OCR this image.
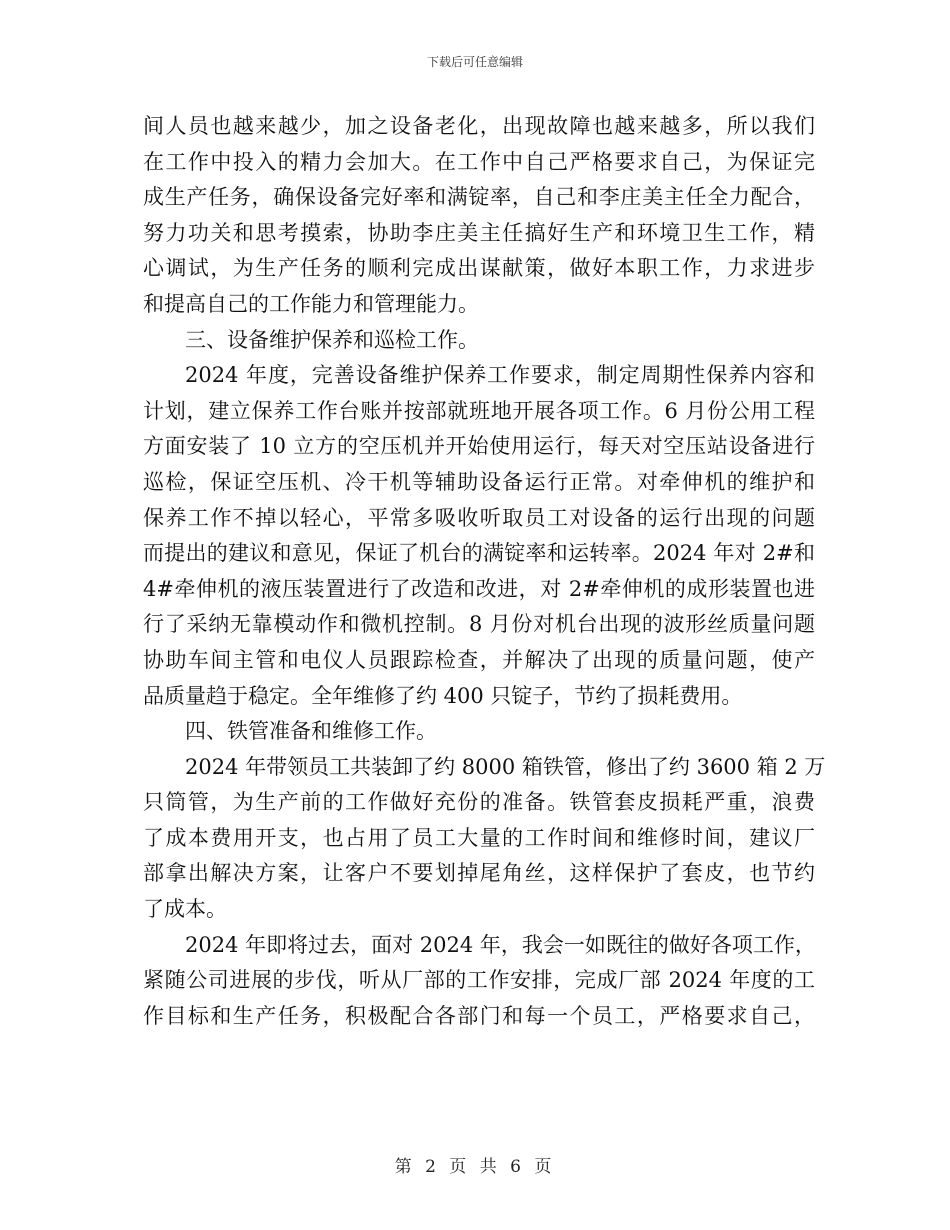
下载后可任意编辑
间人员也越来越少，加之设备老化，出现故障也越来越多，所以我们
在工作中投入的精力会加大。在工作中自己严格要求自己，为保证完
成生产任务，确保设备完好率和满锭率，自己和李庄美主任全力配合，
努力功关和思考摸索，协助李庄美主任搞好生产和环境卫生工作，精
心调试，为生产任务的顺利完成出谋献策，做好本职工作，力求进步
和提高自己的工作能力和管理能力。
三、设备维护保养和巡检工作。
2024 年度，完善设备维护保养工作要求，制定周期性保养内容和
计划，建立保养工作台账并按部就班地开展各项工作。6 月份公用工程
方面安装了 10 立方的空压机并开始使用运行，每天对空压站设备进行
巡检，保证空压机、冷干机等辅助设备运行正常。对牵伸机的维护和
保养工作不掉以轻心，平常多吸收听取员工对设备的运行出现的问题
而提出的建议和意见，保证了机台的满锭率和运转率。2024 年对 2#和
4#牵伸机的液压装置进行了改造和改进，对 2#牵伸机的成形装置也进
行了采纳无靠模动作和微机控制。8 月份对机台出现的波形丝质量问题
协助车间主管和电仪人员跟踪检查，并解决了出现的质量问题，使产
品质量趋于稳定。全年维修了约 400 只锭子，节约了损耗费用。
四、铁管准备和维修工作。
2024 年带领员工共装卸了约 8000 箱铁管，修出了约 3600 箱 2 万
只筒管，为生产前的工作做好充份的准备。铁管套皮损耗严重，浪费
了成本费用开支，也占用了员工大量的工作时间和维修时间，建议厂
部拿出解决方案，让客户不要划掉尾角丝，这样保护了套皮，也节约
了成本。
2024 年即将过去，面对 2024 年，我会一如既往的做好各项工作，
紧随公司进展的步伐，听从厂部的工作安排，完成厂部 2024 年度的工
作目标和生产任务，积极配合各部门和每一个员工，严格要求自己，
第 2 页 共 6 页
